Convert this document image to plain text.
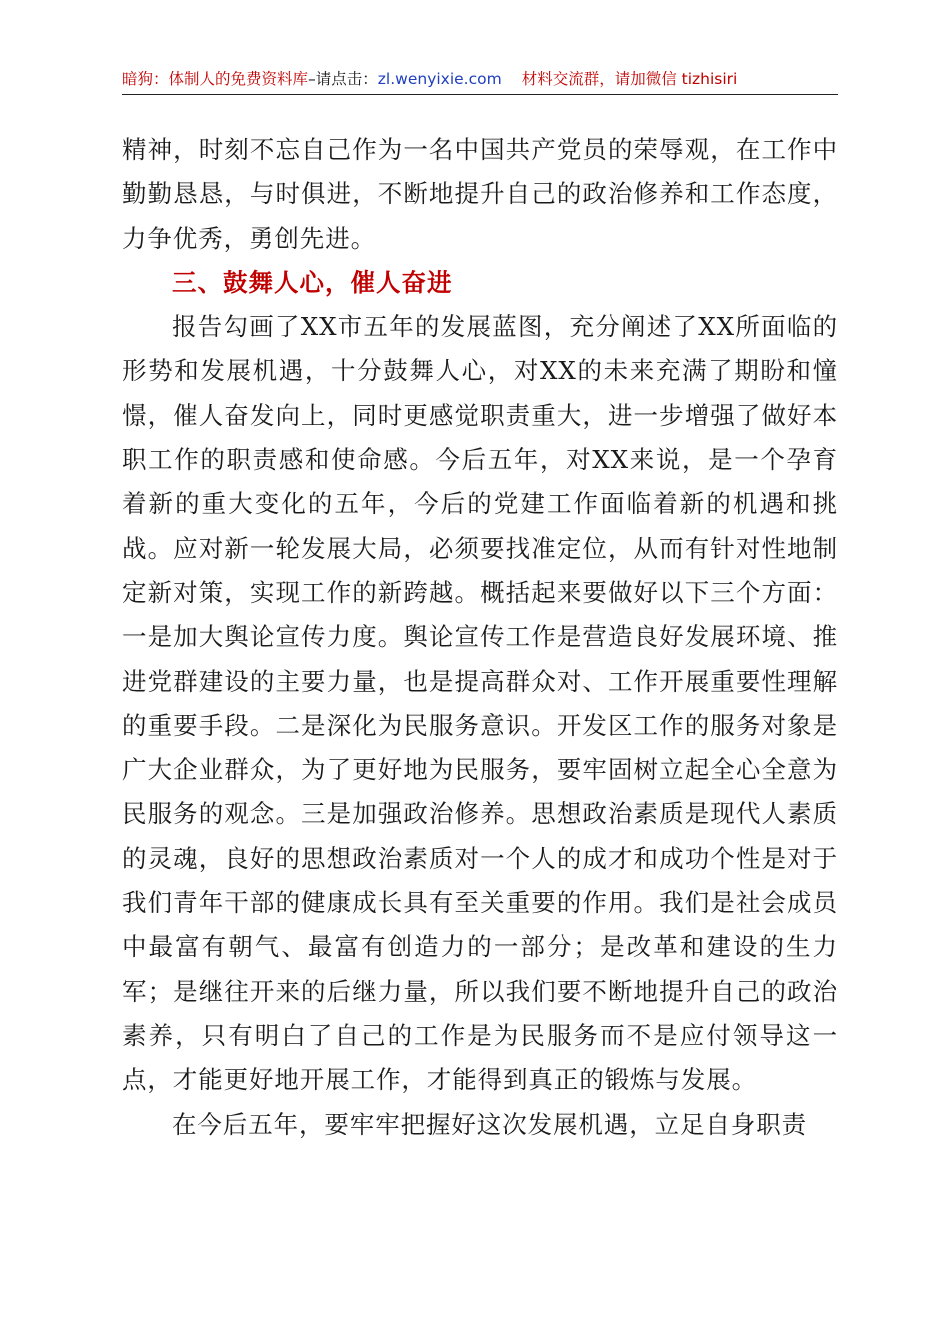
暗狗：体制人的免费资料库–请点击：zl.wenyixie.com 材料交流群，请加微信 tizhisiri

精神，时刻不忘自己作为一名中国共产党员的荣辱观，在工作中勤勤恳恳，与时俱进，不断地提升自己的政治修养和工作态度，力争优秀，勇创先进。

三、鼓舞人心，催人奋进

报告勾画了XX市五年的发展蓝图，充分阐述了XX所面临的形势和发展机遇，十分鼓舞人心，对XX的未来充满了期盼和憧憬，催人奋发向上，同时更感觉职责重大，进一步增强了做好本职工作的职责感和使命感。今后五年，对XX来说，是一个孕育着新的重大变化的五年，今后的党建工作面临着新的机遇和挑战。应对新一轮发展大局，必须要找准定位，从而有针对性地制定新对策，实现工作的新跨越。概括起来要做好以下三个方面：一是加大舆论宣传力度。舆论宣传工作是营造良好发展环境、推进党群建设的主要力量，也是提高群众对、工作开展重要性理解的重要手段。二是深化为民服务意识。开发区工作的服务对象是广大企业群众，为了更好地为民服务，要牢固树立起全心全意为民服务的观念。三是加强政治修养。思想政治素质是现代人素质的灵魂，良好的思想政治素质对一个人的成才和成功个性是对于我们青年干部的健康成长具有至关重要的作用。我们是社会成员中最富有朝气、最富有创造力的一部分；是改革和建设的生力军；是继往开来的后继力量，所以我们要不断地提升自己的政治素养，只有明白了自己的工作是为民服务而不是应付领导这一点，才能更好地开展工作，才能得到真正的锻炼与发展。

在今后五年，要牢牢把握好这次发展机遇，立足自身职责
